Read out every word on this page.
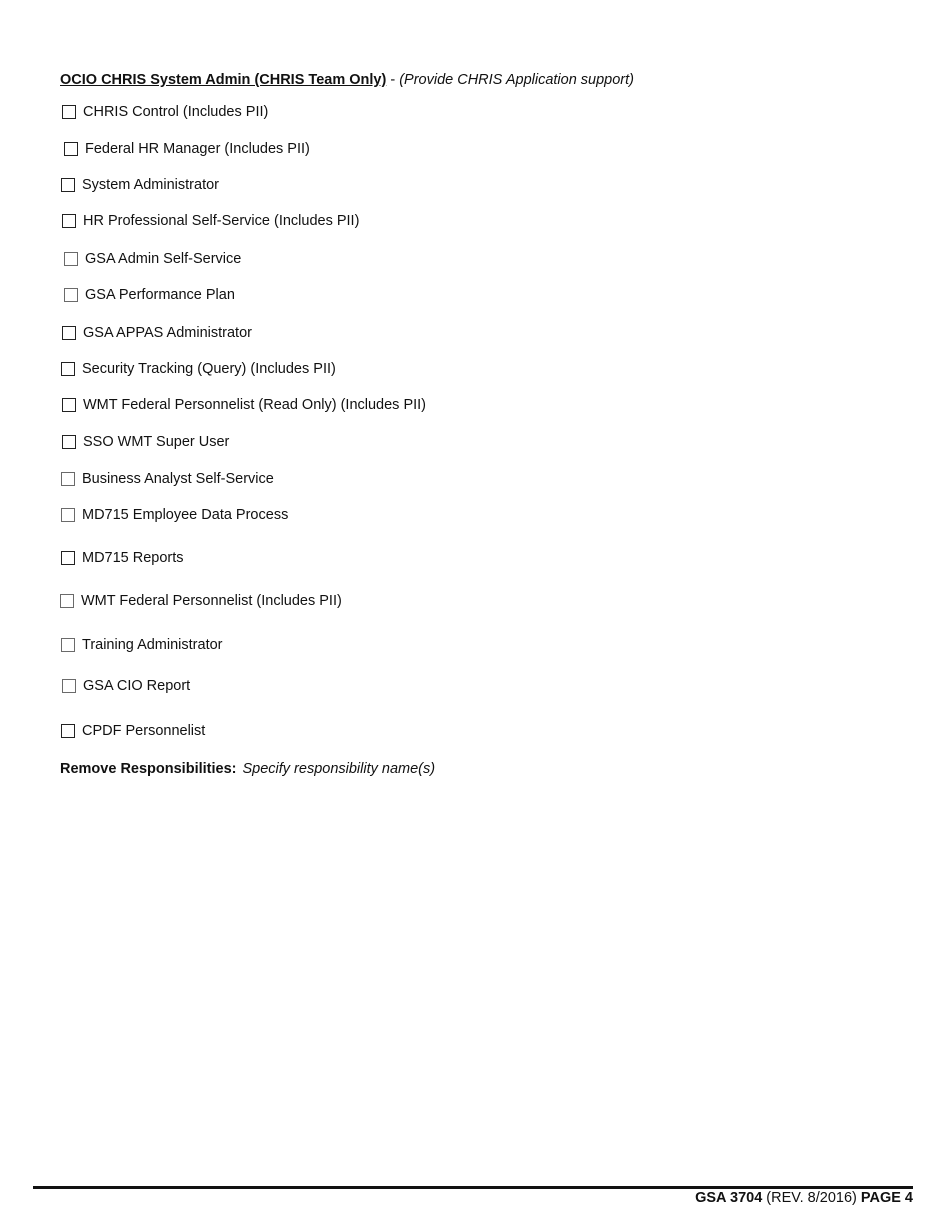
OCIO CHRIS System Admin (CHRIS Team Only) - (Provide CHRIS Application support)
CHRIS Control (Includes PII)
Federal HR Manager (Includes PII)
System Administrator
HR Professional Self-Service (Includes PII)
GSA Admin Self-Service
GSA Performance Plan
GSA APPAS Administrator
Security Tracking (Query) (Includes PII)
WMT Federal Personnelist (Read Only) (Includes PII)
SSO WMT Super User
Business Analyst Self-Service
MD715 Employee Data Process
MD715 Reports
WMT Federal Personnelist (Includes PII)
Training Administrator
GSA CIO Report
CPDF Personnelist
Remove Responsibilities: Specify responsibility name(s)
GSA 3704 (REV. 8/2016) PAGE 4
